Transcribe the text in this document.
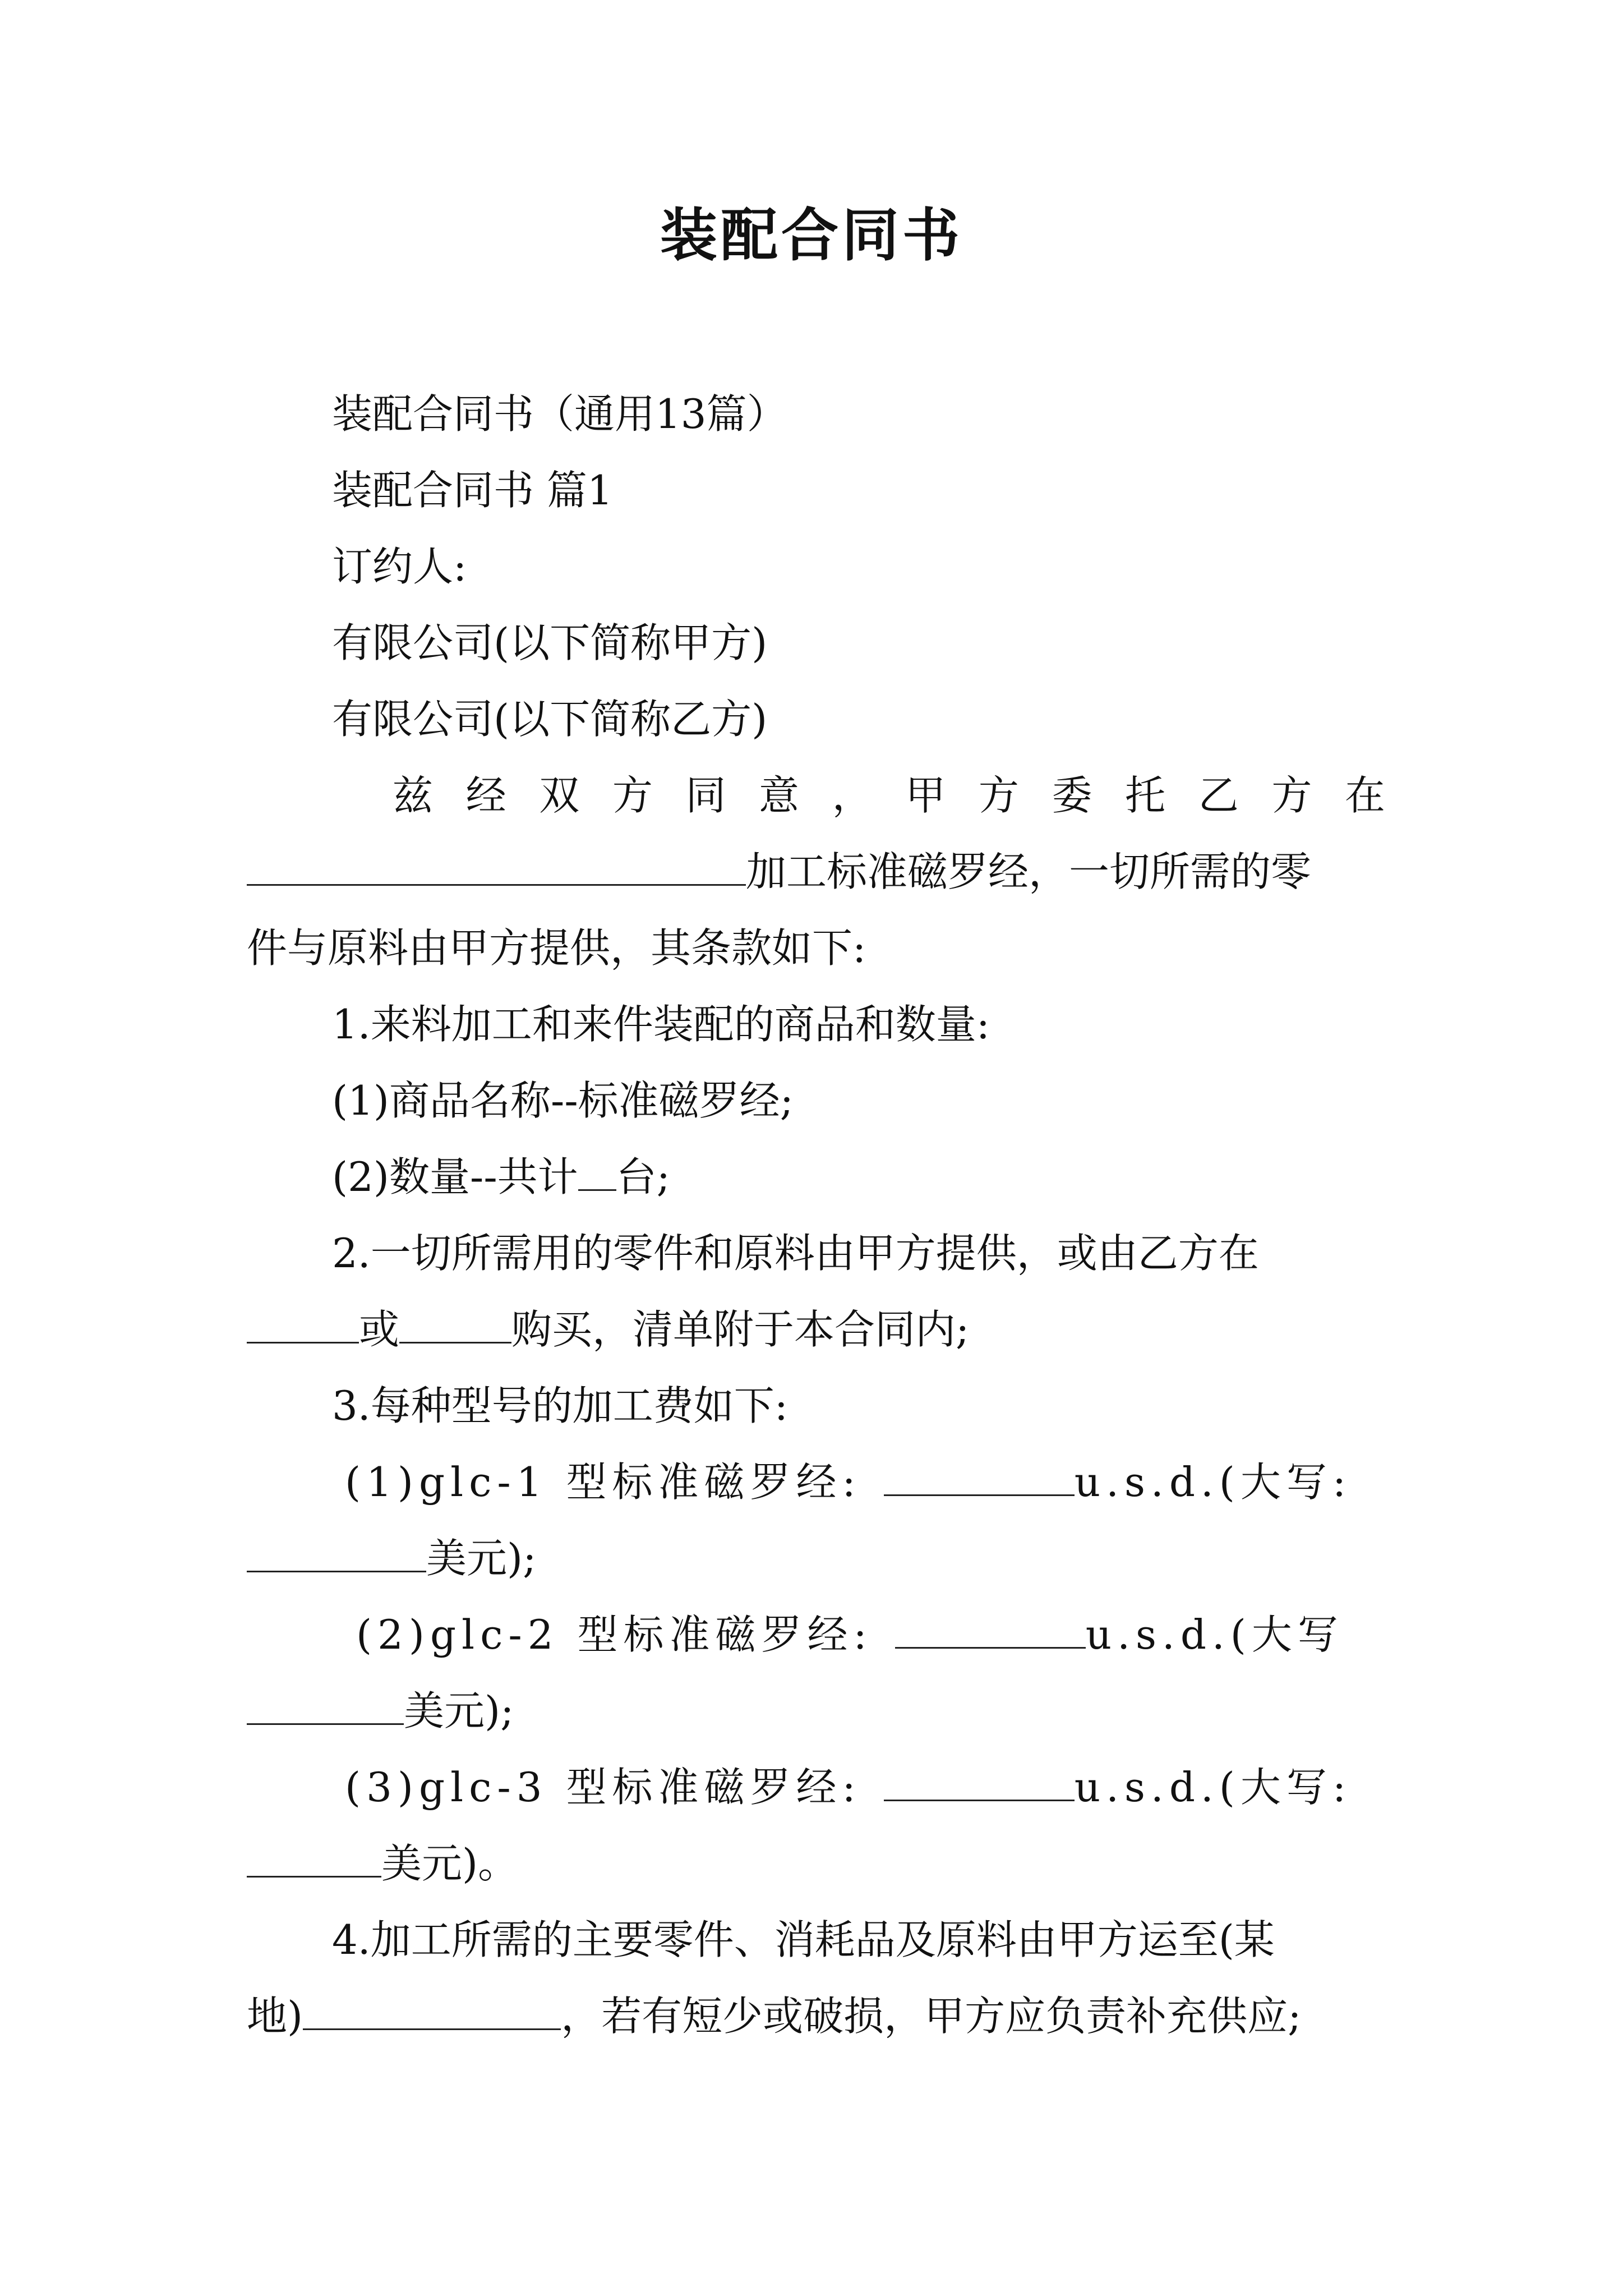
装配合同书

装配合同书（通用13篇）

装配合同书 篇1

订约人:

有限公司(以下简称甲方)

有限公司(以下简称乙方)

兹 经 双 方 同 意 ， 甲 方 委 托 乙 方 在

加工标准磁罗经，一切所需的零

件与原料由甲方提供，其条款如下:

1.来料加工和来件装配的商品和数量:

(1)商品名称--标准磁罗经;

(2)数量--共计 台;

2.一切所需用的零件和原料由甲方提供，或由乙方在

或	购买，清单附于本合同内;

3.每种型号的加工费如下:

(1)glc-1 型标准磁罗经:	u.s.d.(大写:

美元);

(2)glc-2 型标准磁罗经:	u.s.d.(大写

美元);

(3)glc-3 型标准磁罗经:	u.s.d.(大写:

美元)。

4.加工所需的主要零件、消耗品及原料由甲方运至(某

地)	，若有短少或破损，甲方应负责补充供应;
